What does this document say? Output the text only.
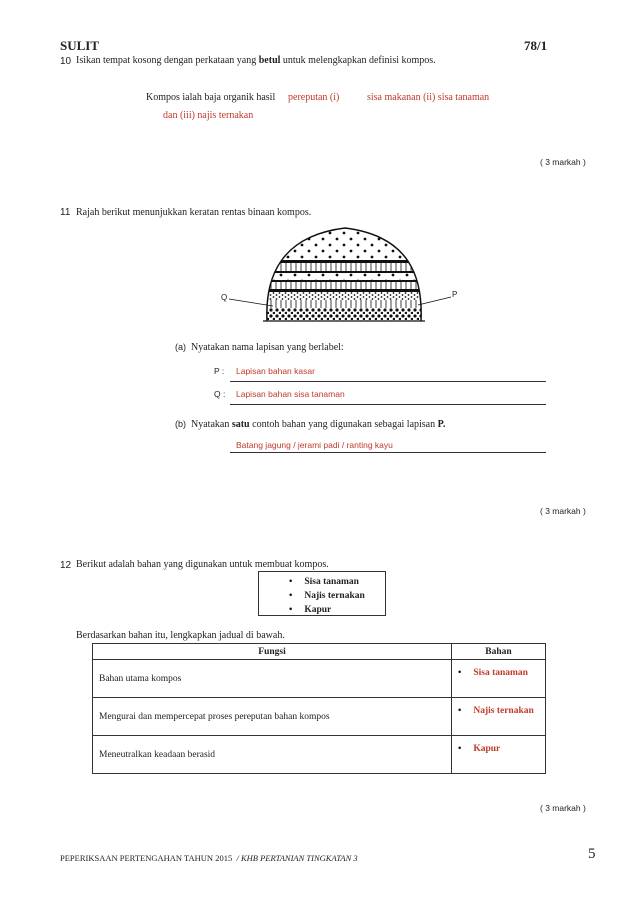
SULIT	78/1
10 Isikan tempat kosong dengan perkataan yang betul untuk melengkapkan definisi kompos.
Kompos ialah baja organik hasil pereputan (i)	sisa makanan (ii) sisa tanaman
dan (iii) najis ternakan
( 3 markah )
11 Rajah berikut menunjukkan keratan rentas binaan kompos.
Q	P
(a) Nyatakan nama lapisan yang berlabel:
P : Lapisan bahan kasar
Q : Lapisan bahan sisa tanaman
(b) Nyatakan satu contoh bahan yang digunakan sebagai lapisan P.
Batang jagung / jerami padi / ranting kayu
( 3 markah )
12 Berikut adalah bahan yang digunakan untuk membuat kompos.
• Sisa tanaman
• Najis ternakan
• Kapur
Berdasarkan bahan itu, lengkapkan jadual di bawah.
Fungsi	Bahan
Bahan utama kompos	• Sisa tanaman
Mengurai dan mempercepat proses pereputan bahan kompos	• Najis ternakan
Meneutralkan keadaan berasid	• Kapur
( 3 markah )
PEPERIKSAAN PERTENGAHAN TAHUN 2015 / KHB PERTANIAN TINGKATAN 3	5
